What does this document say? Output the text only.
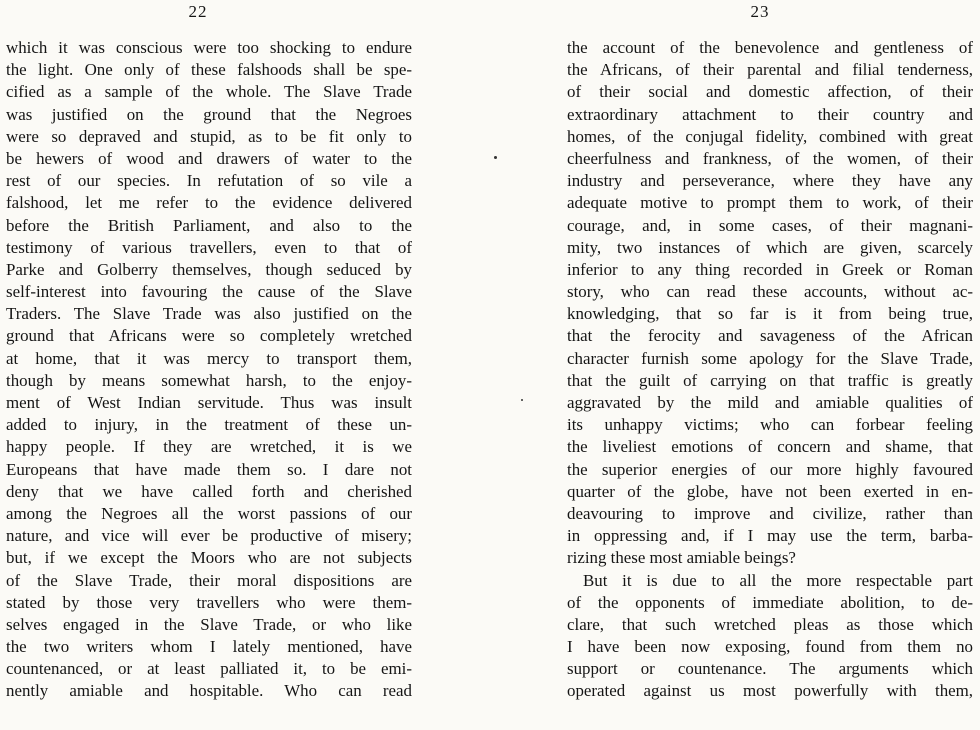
22
which it was conscious were too shocking to endure
the light. One only of these falshoods shall be spe-
cified as a sample of the whole. The Slave Trade
was justified on the ground that the Negroes
were so depraved and stupid, as to be fit only to
be hewers of wood and drawers of water to the
rest of our species. In refutation of so vile a
falshood, let me refer to the evidence delivered
before the British Parliament, and also to the
testimony of various travellers, even to that of
Parke and Golberry themselves, though seduced by
self-interest into favouring the cause of the Slave
Traders. The Slave Trade was also justified on the
ground that Africans were so completely wretched
at home, that it was mercy to transport them,
though by means somewhat harsh, to the enjoy-
ment of West Indian servitude. Thus was insult
added to injury, in the treatment of these un-
happy people. If they are wretched, it is we
Europeans that have made them so. I dare not
deny that we have called forth and cherished
among the Negroes all the worst passions of our
nature, and vice will ever be productive of misery;
but, if we except the Moors who are not subjects
of the Slave Trade, their moral dispositions are
stated by those very travellers who were them-
selves engaged in the Slave Trade, or who like
the two writers whom I lately mentioned, have
countenanced, or at least palliated it, to be emi-
nently amiable and hospitable. Who can read
23
the account of the benevolence and gentleness of
the Africans, of their parental and filial tenderness,
of their social and domestic affection, of their
extraordinary attachment to their country and
homes, of the conjugal fidelity, combined with great
cheerfulness and frankness, of the women, of their
industry and perseverance, where they have any
adequate motive to prompt them to work, of their
courage, and, in some cases, of their magnani-
mity, two instances of which are given, scarcely
inferior to any thing recorded in Greek or Roman
story, who can read these accounts, without ac-
knowledging, that so far is it from being true,
that the ferocity and savageness of the African
character furnish some apology for the Slave Trade,
that the guilt of carrying on that traffic is greatly
aggravated by the mild and amiable qualities of
its unhappy victims; who can forbear feeling
the liveliest emotions of concern and shame, that
the superior energies of our more highly favoured
quarter of the globe, have not been exerted in en-
deavouring to improve and civilize, rather than
in oppressing and, if I may use the term, barba-
rizing these most amiable beings?
But it is due to all the more respectable part
of the opponents of immediate abolition, to de-
clare, that such wretched pleas as those which
I have been now exposing, found from them no
support or countenance. The arguments which
operated against us most powerfully with them,
